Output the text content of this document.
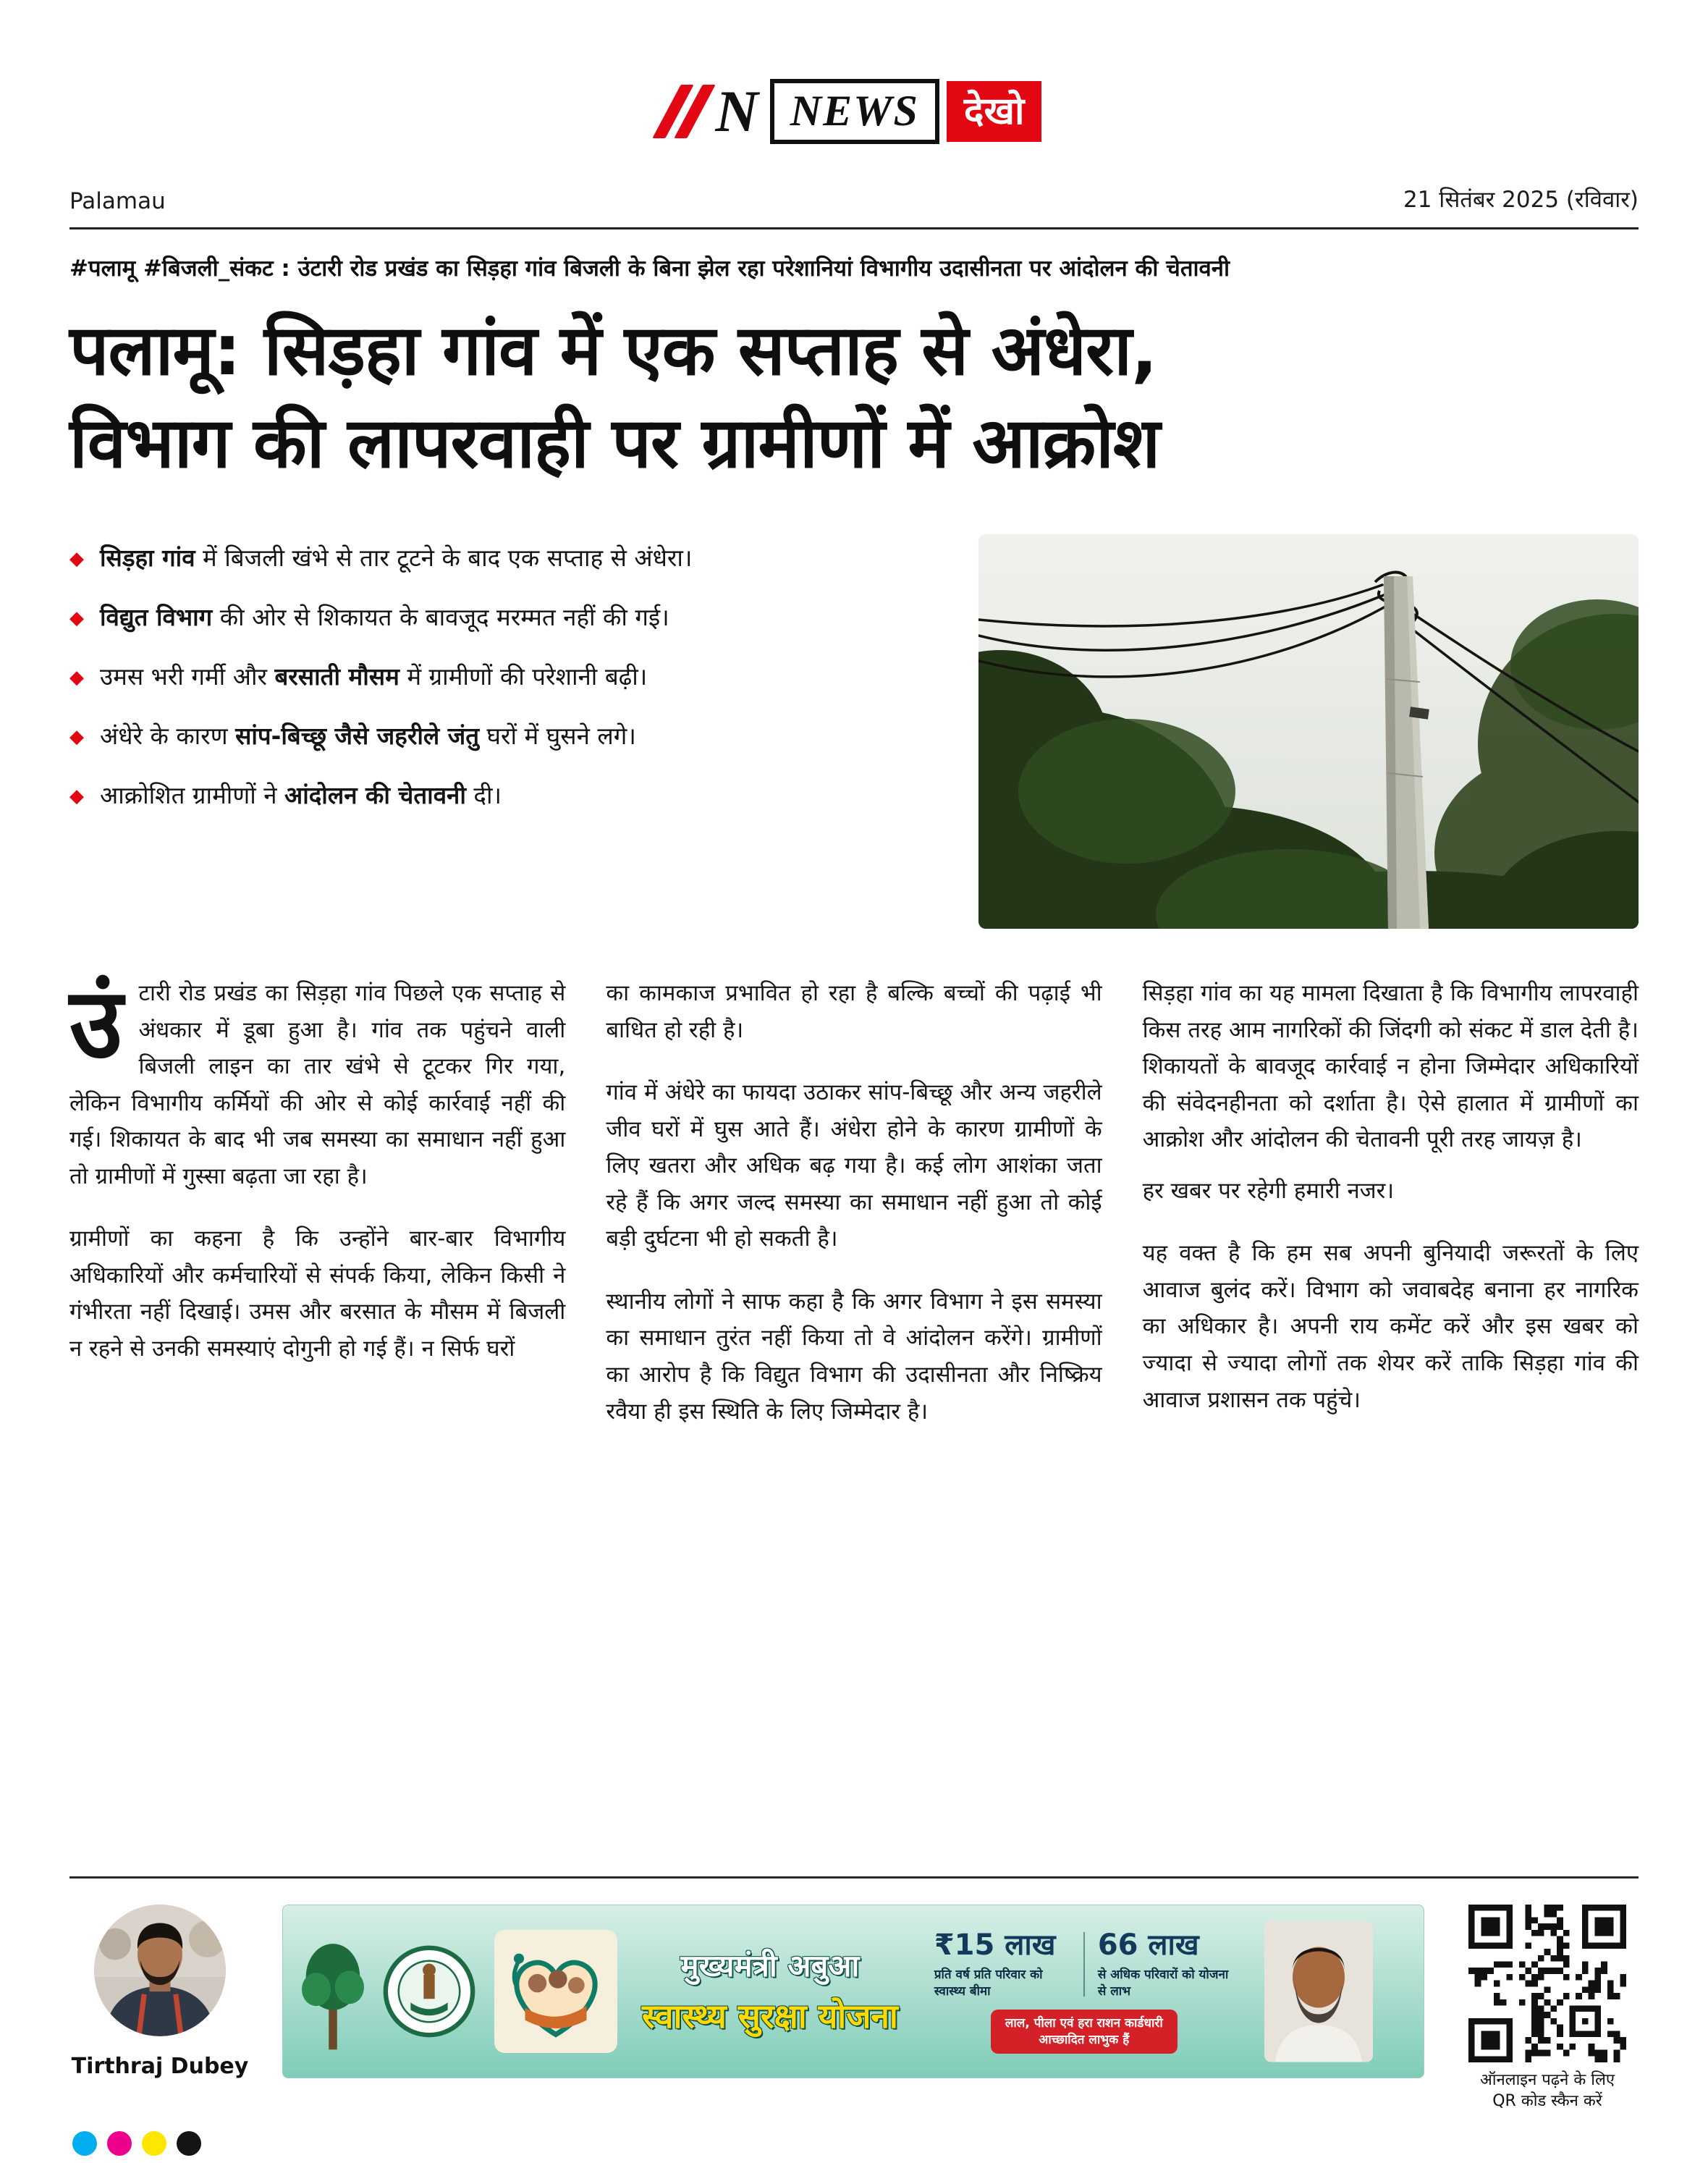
N NEWS	देखो
Palamau	21 सितंबर 2025 (रविवार)

#पलामू #बिजली_संकट : उंटारी रोड प्रखंड का सिड़हा गांव बिजली के बिना झेल रहा परेशानियां विभागीय उदासीनता पर आंदोलन की चेतावनी

पलामू: सिड़हा गांव में एक सप्ताह से अंधेरा,
विभाग की लापरवाही पर ग्रामीणों में आक्रोश
◆ सिड़हा गांव में बिजली खंभे से तार टूटने के बाद एक सप्ताह से अंधेरा।

◆ विद्युत विभाग की ओर से शिकायत के बावजूद मरम्मत नहीं की गई।

◆ उमस भरी गर्मी और बरसाती मौसम में ग्रामीणों की परेशानी बढ़ी।

◆ अंधेरे के कारण सांप-बिच्छू जैसे जहरीले जंतु घरों में घुसने लगे।

◆ आक्रोशित ग्रामीणों ने आंदोलन की चेतावनी दी।

उंटारी रोड प्रखंड का सिड़हा गांव पिछले एक सप्ताह से अंधकार में डूबा हुआ है। गांव तक पहुंचने वाली बिजली लाइन का तार खंभे से टूटकर गिर गया, लेकिन विभागीय कर्मियों की ओर से कोई कार्रवाई नहीं की गई। शिकायत के बाद भी जब समस्या का समाधान नहीं हुआ तो ग्रामीणों में गुस्सा बढ़ता जा रहा है।

ग्रामीणों का कहना है कि उन्होंने बार-बार विभागीय अधिकारियों और कर्मचारियों से संपर्क किया, लेकिन किसी ने गंभीरता नहीं दिखाई। उमस और बरसात के मौसम में बिजली न रहने से उनकी समस्याएं दोगुनी हो गई हैं। न सिर्फ घरों

का कामकाज प्रभावित हो रहा है बल्कि बच्चों की पढ़ाई भी बाधित हो रही है।

गांव में अंधेरे का फायदा उठाकर सांप-बिच्छू और अन्य जहरीले जीव घरों में घुस आते हैं। अंधेरा होने के कारण ग्रामीणों के लिए खतरा और अधिक बढ़ गया है। कई लोग आशंका जता रहे हैं कि अगर जल्द समस्या का समाधान नहीं हुआ तो कोई बड़ी दुर्घटना भी हो सकती है।

स्थानीय लोगों ने साफ कहा है कि अगर विभाग ने इस समस्या का समाधान तुरंत नहीं किया तो वे आंदोलन करेंगे। ग्रामीणों का आरोप है कि विद्युत विभाग की उदासीनता और निष्क्रिय रवैया ही इस स्थिति के लिए जिम्मेदार है।

सिड़हा गांव का यह मामला दिखाता है कि विभागीय लापरवाही किस तरह आम नागरिकों की जिंदगी को संकट में डाल देती है। शिकायतों के बावजूद कार्रवाई न होना जिम्मेदार अधिकारियों की संवेदनहीनता को दर्शाता है। ऐसे हालात में ग्रामीणों का आक्रोश और आंदोलन की चेतावनी पूरी तरह जायज़ है।

हर खबर पर रहेगी हमारी नजर।

यह वक्त है कि हम सब अपनी बुनियादी जरूरतों के लिए आवाज बुलंद करें। विभाग को जवाबदेह बनाना हर नागरिक का अधिकार है। अपनी राय कमेंट करें और इस खबर को ज्यादा से ज्यादा लोगों तक शेयर करें ताकि सिड़हा गांव की आवाज प्रशासन तक पहुंचे।

Tirthraj Dubey
मुख्यमंत्री अबुआ
स्वास्थ्य सुरक्षा योजना
₹15 लाख
प्रति वर्ष प्रति परिवार को स्वास्थ्य बीमा
66 लाख
से अधिक परिवारों को योजना से लाभ
लाल, पीला एवं हरा राशन कार्डधारी
आच्छादित लाभुक हैं
ऑनलाइन पढ़ने के लिए
QR कोड स्कैन करें
